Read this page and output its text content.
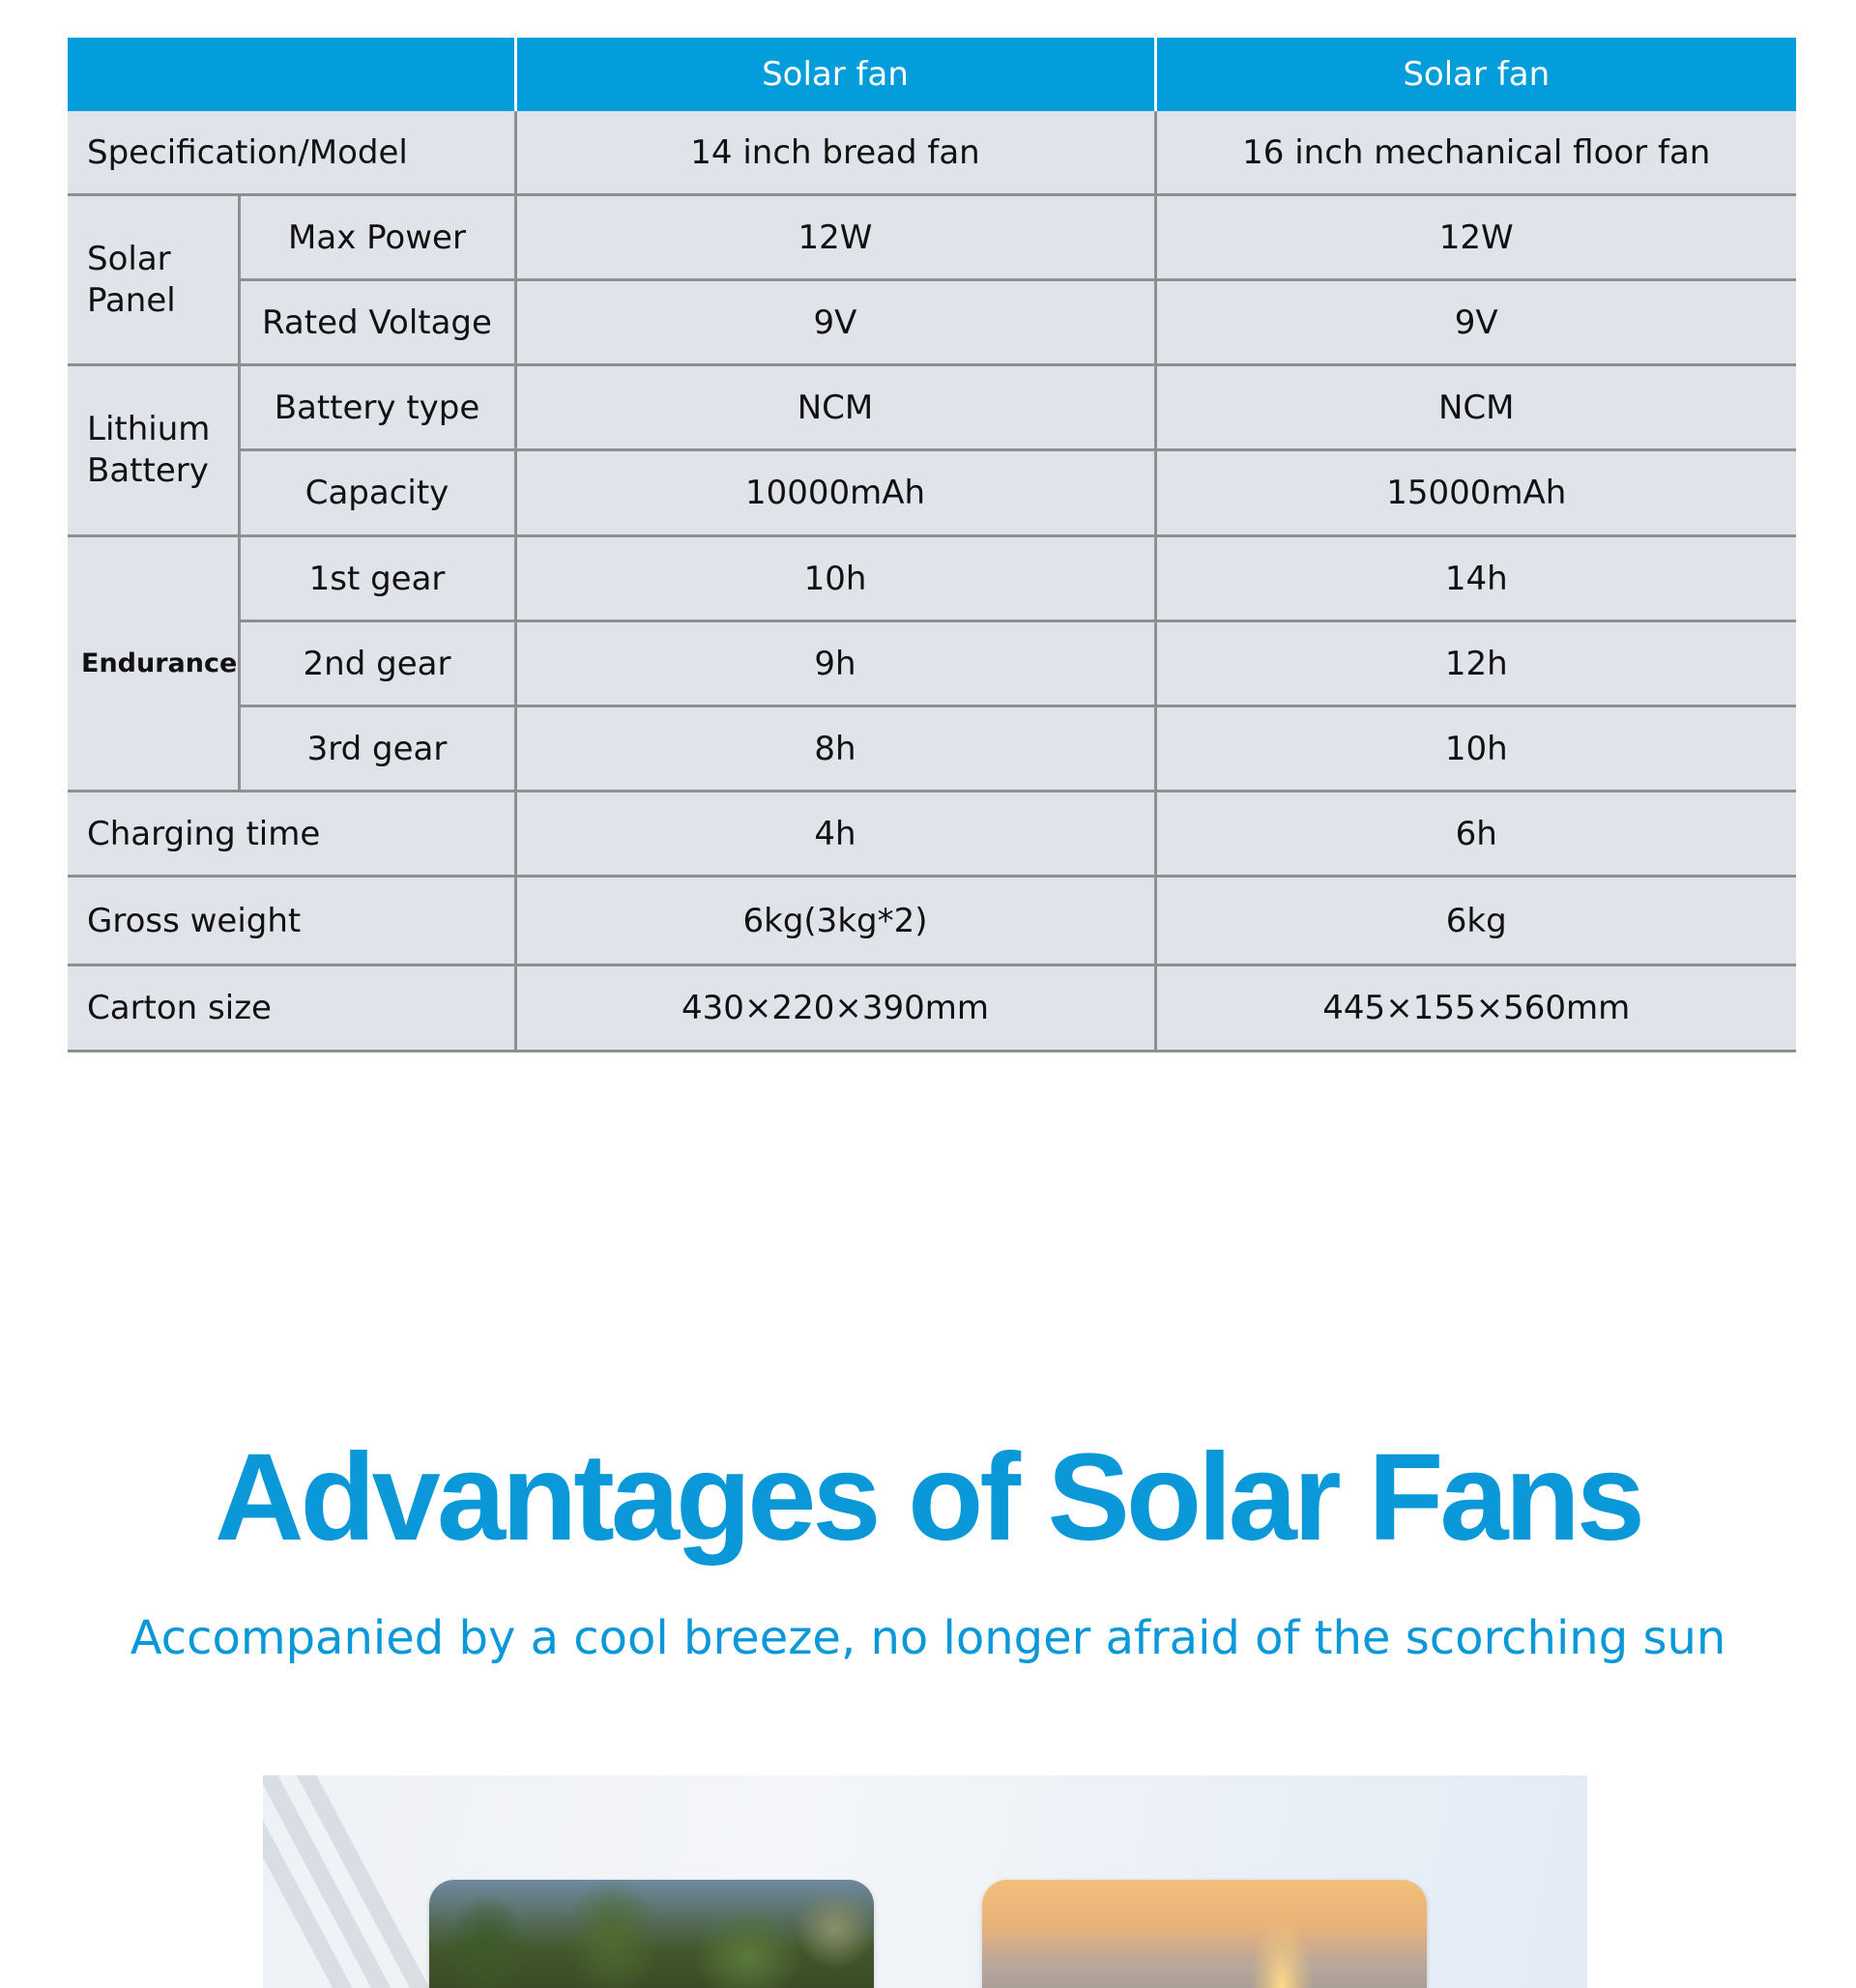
		Solar fan	Solar fan
Specification/Model		14 inch bread fan	16 inch mechanical floor fan
Solar
Panel	Max Power	12W	12W
	Rated Voltage	9V	9V
Lithium
Battery	Battery type	NCM	NCM
	Capacity	10000mAh	15000mAh
Endurance	1st gear	10h	14h
	2nd gear	9h	12h
	3rd gear	8h	10h
Charging time		4h	6h
Gross weight		6kg(3kg*2)	6kg
Carton size		430×220×390mm	445×155×560mm
Advantages of Solar Fans

Accompanied by a cool breeze, no longer afraid of the scorching sun
